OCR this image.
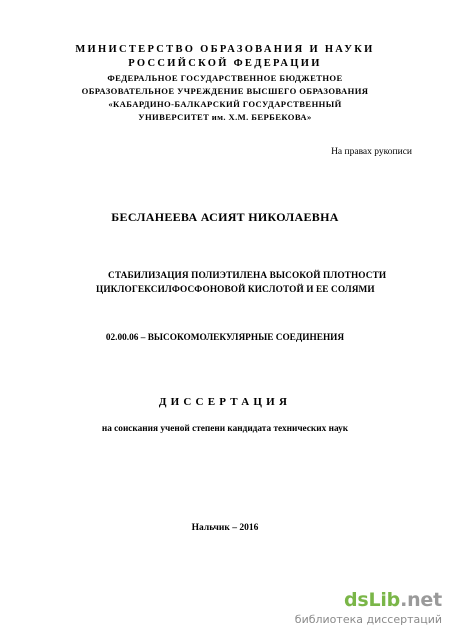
МИНИСТЕРСТВО ОБРАЗОВАНИЯ И НАУКИ
РОССИЙСКОЙ ФЕДЕРАЦИИ
ФЕДЕРАЛЬНОЕ ГОСУДАРСТВЕННОЕ БЮДЖЕТНОЕ
ОБРАЗОВАТЕЛЬНОЕ УЧРЕЖДЕНИЕ ВЫСШЕГО ОБРАЗОВАНИЯ
«КАБАРДИНО-БАЛКАРСКИЙ ГОСУДАРСТВЕННЫЙ
УНИВЕРСИТЕТ им. Х.М. БЕРБЕКОВА»
На правах рукописи
БЕСЛАНЕЕВА АСИЯТ НИКОЛАЕВНА
СТАБИЛИЗАЦИЯ ПОЛИЭТИЛЕНА ВЫСОКОЙ ПЛОТНОСТИ
ЦИКЛОГЕКСИЛФОСФОНОВОЙ КИСЛОТОЙ И ЕЕ СОЛЯМИ
02.00.06 – ВЫСОКОМОЛЕКУЛЯРНЫЕ СОЕДИНЕНИЯ
ДИССЕРТАЦИЯ
на соискания ученой степени кандидата технических наук
Нальчик – 2016
dsLib.net
библиотека диссертаций
